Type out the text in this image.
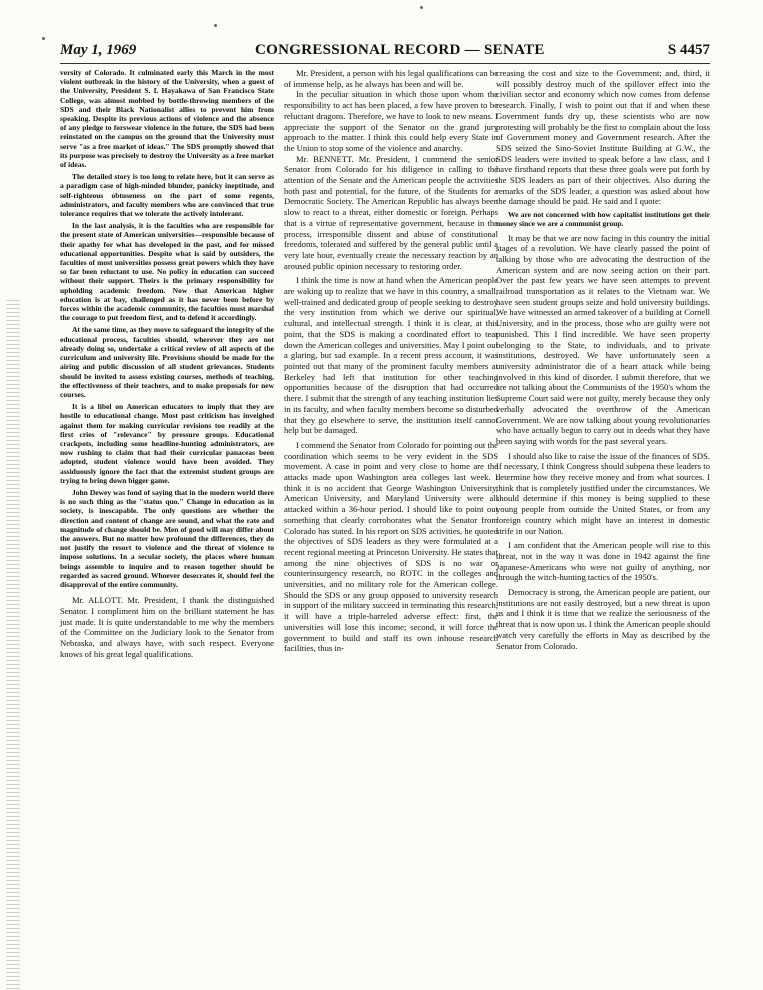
May 1, 1969	CONGRESSIONAL RECORD — SENATE	S 4457

versity of Colorado. It culminated early this March in the most violent outbreak in the history of the University, when a guest of the University, President S. I. Hayakawa of San Francisco State College, was almost mobbed by bottle-throwing members of the SDS and their Black Nationalist allies to prevent him from speaking. Despite its previous actions of violence and the absence of any pledge to forswear violence in the future, the SDS had been reinstated on the campus on the ground that the University must serve "as a free market of ideas." The SDS promptly showed that its purpose was precisely to destroy the University as a free market of ideas.

The detailed story is too long to relate here, but it can serve as a paradigm case of high-minded blunder, panicky ineptitude, and self-righteous obtuseness on the part of some regents, administrators, and faculty members who are convinced that true tolerance requires that we tolerate the actively intolerant.

In the last analysis, it is the faculties who are responsible for the present state of American universities—responsible because of their apathy for what has developed in the past, and for missed educational opportunities. Despite what is said by outsiders, the faculties of most universities possess great powers which they have so far been reluctant to use. No policy in education can succeed without their support. Theirs is the primary responsibility for upholding academic freedom. Now that American higher education is at bay, challenged as it has never been before by forces within the academic community, the faculties must marshal the courage to put freedom first, and to defend it accordingly.

At the same time, as they move to safeguard the integrity of the educational process, faculties should, wherever they are not already doing so, undertake a critical review of all aspects of the curriculum and university life. Provisions should be made for the airing and public discussion of all student grievances. Students should be invited to assess existing courses, methods of teaching, the effectiveness of their teachers, and to make proposals for new courses.

It is a libel on American educators to imply that they are hostile to educational change. Most past criticism has inveighed against them for making curricular revisions too readily at the first cries of "relevance" by pressure groups. Educational crackpots, including some headline-hunting administrators, are now rushing to claim that had their curricular panaceas been adopted, student violence would have been avoided. They assiduously ignore the fact that the extremist student groups are trying to bring down bigger game.

John Dewey was fond of saying that in the modern world there is no such thing as the "status quo." Change in education as in society, is inescapable. The only questions are whether the direction and content of change are sound, and what the rate and magnitude of change should be. Men of good will may differ about the answers. But no matter how profound the differences, they do not justify the resort to violence and the threat of violence to impose solutions. In a secular society, the places where human beings assemble to inquire and to reason together should be regarded as sacred ground. Whoever desecrates it, should feel the disapproval of the entire community.

Mr. ALLOTT. Mr. President, I thank the distinguished Senator. I compliment him on the brilliant statement he has just made. It is quite understandable to me why the members of the Committee on the Judiciary look to the Senator from Nebraska, and always have, with such respect. Everyone knows of his great legal qualifications.

Mr. President, a person with his legal qualifications can be of immense help, as he always has been and will be.

In the peculiar situation in which those upon whom the responsibility to act has been placed, a few have proven to be reluctant dragons. Therefore, we have to look to new means. I appreciate the support of the Senator on the grand jury approach to the matter. I think this could help every State in the Union to stop some of the violence and anarchy.

Mr. BENNETT. Mr. President, I commend the senior Senator from Colorado for his diligence in calling to the attention of the Senate and the American people the activities both past and potential, for the future, of the Students for a Democratic Society. The American Republic has always been slow to react to a threat, either domestic or foreign. Perhaps that is a virtue of representative government, because in the process, irresponsible dissent and abuse of constitutional freedoms, tolerated and suffered by the general public until a very late hour, eventually create the necessary reaction by an aroused public opinion necessary to restoring order.

I think the time is now at hand when the American people are waking up to realize that we have in this country, a small, well-trained and dedicated group of people seeking to destroy the very institution from which we derive our spiritual, cultural, and intellectual strength. I think it is clear, at this point, that the SDS is making a coordinated effort to tear down the American colleges and universities. May I point out a glaring, but sad example. In a recent press account, it was pointed out that many of the prominent faculty members at Berkeley had left that institution for other teaching opportunities because of the disruption that had occurred there. I submit that the strength of any teaching institution lies in its faculty, and when faculty members become so disturbed that they go elsewhere to serve, the institution itself cannot help but be damaged.

I commend the Senator from Colorado for pointing out the coordination which seems to be very evident in the SDS movement. A case in point and very close to home are the attacks made upon Washington area colleges last week. I think it is no accident that George Washington University, American University, and Maryland University were all attacked within a 36-hour period. I should like to point out something that clearly corroborates what the Senator from Colorado has stated. In his report on SDS activities, he quoted the objectives of SDS leaders as they were formulated at a recent regional meeting at Princeton University. He states that among the nine objectives of SDS is no war or counterinsurgency research, no ROTC in the colleges and universities, and no military role for the American college. Should the SDS or any group opposed to university research in support of the military succeed in terminating this research, it will have a triple-barreled adverse effect: first, the universities will lose this income; second, it will force the government to build and staff its own inhouse research facilities, thus in-

creasing the cost and size to the Government; and, third, it will possibly destroy much of the spillover effect into the civilian sector and economy which now comes from defense research. Finally, I wish to point out that if and when these Government funds dry up, these scientists who are now protesting will probably be the first to complain about the loss of Government money and Government research. After the SDS seized the Sino-Soviet Institute Building at G.W., the SDS leaders were invited to speak before a law class, and I have firsthand reports that these three goals were put forth by the SDS leaders as part of their objectives. Also during the remarks of the SDS leader, a question was asked about how the damage should be paid. He said and I quote:

We are not concerned with how capitalist institutions get their money since we are a communist group.

It may be that we are now facing in this country the initial stages of a revolution. We have clearly passed the point of talking by those who are advocating the destruction of the American system and are now seeing action on their part. Over the past few years we have seen attempts to prevent railroad transportation as it relates to the Vietnam war. We have seen student groups seize and hold university buildings. We have witnessed an armed takeover of a building at Cornell University, and in the process, those who are guilty were not punished. This I find incredible. We have seen property belonging to the State, to individuals, and to private institutions, destroyed. We have unfortunately seen a university administrator die of a heart attack while being involved in this kind of disorder. I submit therefore, that we are not talking about the Communists of the 1950's whom the Supreme Court said were not guilty, merely because they only verbally advocated the overthrow of the American Government. We are now talking about young revolutionaries who have actually begun to carry out in deeds what they have been saying with words for the past several years.

I should also like to raise the issue of the finances of SDS. If necessary, I think Congress should subpena these leaders to determine how they receive money and from what sources. I think that is completely justified under the circumstances. We should determine if this money is being supplied to these young people from outside the United States, or from any foreign country which might have an interest in domestic strife in our Nation.

I am confident that the American people will rise to this threat, not in the way it was done in 1942 against the fine Japanese-Americans who were not guilty of anything, nor through the witch-hunting tactics of the 1950's.

Democracy is strong, the American people are patient, our institutions are not easily destroyed, but a new threat is upon us and I think it is time that we realize the seriousness of the threat that is now upon us. I think the American people should watch very carefully the efforts in May as described by the Senator from Colorado.
